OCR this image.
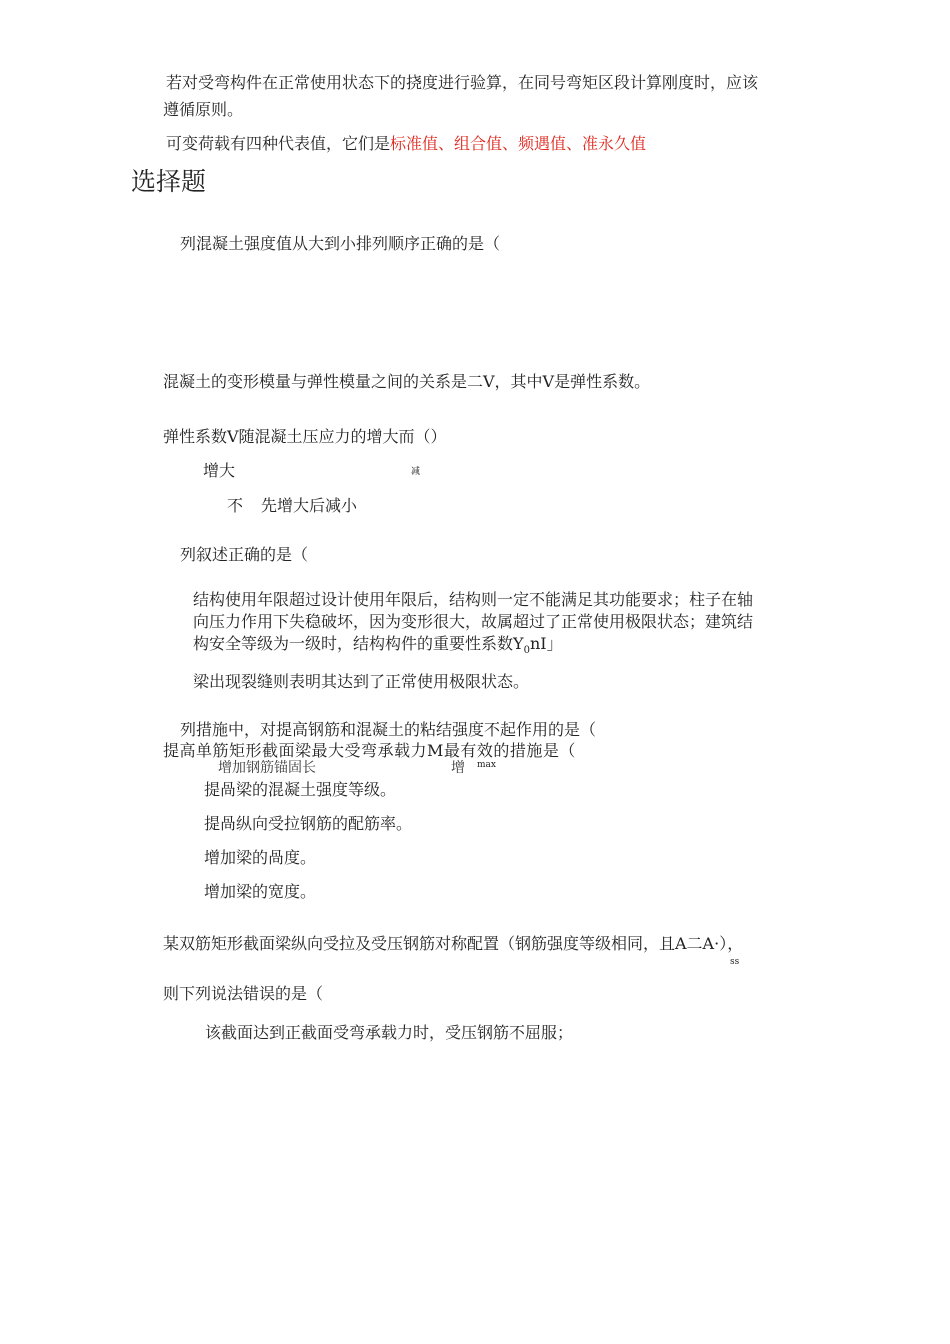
若对受弯构件在正常使用状态下的挠度进行验算，在同号弯矩区段计算刚度时，应该
遵循原则。
可变荷载有四种代表值，它们是标准值、组合值、频遇值、准永久值
选择题
列混凝土强度值从大到小排列顺序正确的是（
混凝土的变形模量与弹性模量之间的关系是二V，其中V是弹性系数。
弹性系数V随混凝土压应力的增大而（）
增大	减
不 先增大后减小
列叙述正确的是（
结构使用年限超过设计使用年限后，结构则一定不能满足其功能要求；柱子在轴
向压力作用下失稳破坏，因为变形很大，故属超过了正常使用极限状态；建筑结
构安全等级为一级时，结构构件的重要性系数$Y_0nI$」
梁出现裂缝则表明其达到了正常使用极限状态。
列措施中，对提高钢筋和混凝土的粘结强度不起作用的是（
提高单筋矩形截面梁最大受弯承载力M最有效的措施是（
增加钢筋锚固长	增 max
提咼梁的混凝土强度等级。
提咼纵向受拉钢筋的配筋率。
增加梁的咼度。
增加梁的宽度。
某双筋矩形截面梁纵向受拉及受压钢筋对称配置（钢筋强度等级相同，且A二A·），
ss
则下列说法错误的是（
该截面达到正截面受弯承载力时，受压钢筋不屈服；
